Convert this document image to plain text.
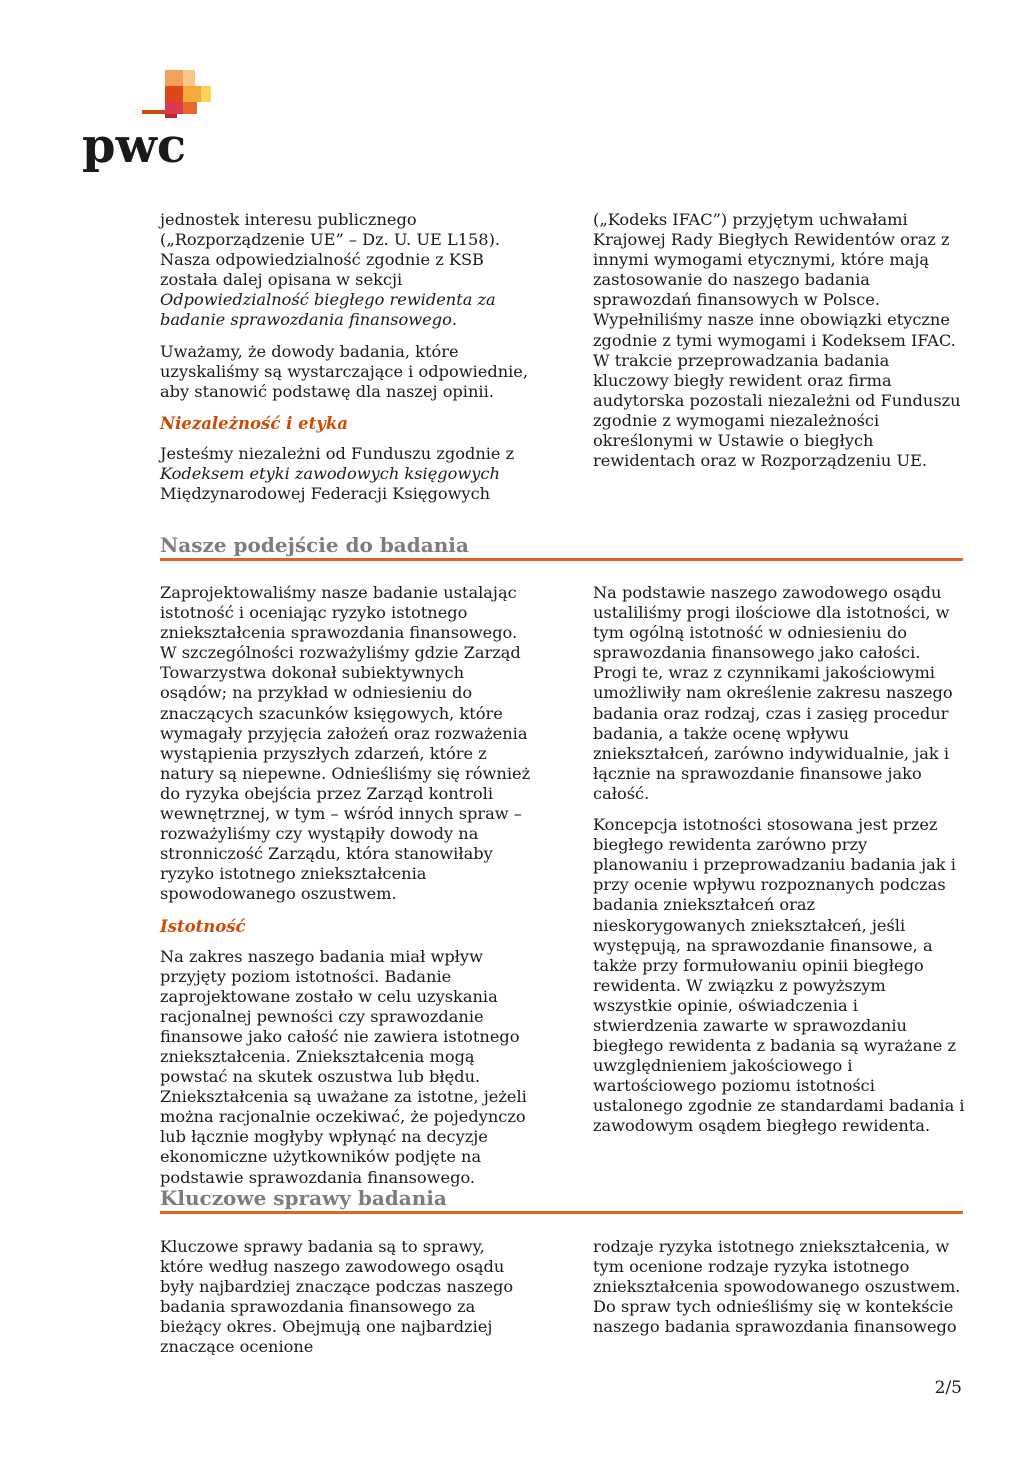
pwc

jednostek interesu publicznego („Rozporządzenie UE” – Dz. U. UE L158). Nasza odpowiedzialność zgodnie z KSB została dalej opisana w sekcji Odpowiedzialność biegłego rewidenta za badanie sprawozdania finansowego.

Uważamy, że dowody badania, które uzyskaliśmy są wystarczające i odpowiednie, aby stanowić podstawę dla naszej opinii.

Niezależność i etyka

Jesteśmy niezależni od Funduszu zgodnie z Kodeksem etyki zawodowych księgowych Międzynarodowej Federacji Księgowych

(„Kodeks IFAC”) przyjętym uchwałami Krajowej Rady Biegłych Rewidentów oraz z innymi wymogami etycznymi, które mają zastosowanie do naszego badania sprawozdań finansowych w Polsce. Wypełniliśmy nasze inne obowiązki etyczne zgodnie z tymi wymogami i Kodeksem IFAC. W trakcie przeprowadzania badania kluczowy biegły rewident oraz firma audytorska pozostali niezależni od Funduszu zgodnie z wymogami niezależności określonymi w Ustawie o biegłych rewidentach oraz w Rozporządzeniu UE.

Nasze podejście do badania

Zaprojektowaliśmy nasze badanie ustalając istotność i oceniając ryzyko istotnego zniekształcenia sprawozdania finansowego. W szczególności rozważyliśmy gdzie Zarząd Towarzystwa dokonał subiektywnych osądów; na przykład w odniesieniu do znaczących szacunków księgowych, które wymagały przyjęcia założeń oraz rozważenia wystąpienia przyszłych zdarzeń, które z natury są niepewne. Odnieśliśmy się również do ryzyka obejścia przez Zarząd kontroli wewnętrznej, w tym – wśród innych spraw – rozważyliśmy czy wystąpiły dowody na stronniczość Zarządu, która stanowiłaby ryzyko istotnego zniekształcenia spowodowanego oszustwem.

Istotność

Na zakres naszego badania miał wpływ przyjęty poziom istotności. Badanie zaprojektowane zostało w celu uzyskania racjonalnej pewności czy sprawozdanie finansowe jako całość nie zawiera istotnego zniekształcenia. Zniekształcenia mogą powstać na skutek oszustwa lub błędu. Zniekształcenia są uważane za istotne, jeżeli można racjonalnie oczekiwać, że pojedynczo lub łącznie mogłyby wpłynąć na decyzje ekonomiczne użytkowników podjęte na podstawie sprawozdania finansowego.

Na podstawie naszego zawodowego osądu ustaliliśmy progi ilościowe dla istotności, w tym ogólną istotność w odniesieniu do sprawozdania finansowego jako całości. Progi te, wraz z czynnikami jakościowymi umożliwiły nam określenie zakresu naszego badania oraz rodzaj, czas i zasięg procedur badania, a także ocenę wpływu zniekształceń, zarówno indywidualnie, jak i łącznie na sprawozdanie finansowe jako całość.

Koncepcja istotności stosowana jest przez biegłego rewidenta zarówno przy planowaniu i przeprowadzaniu badania jak i przy ocenie wpływu rozpoznanych podczas badania zniekształceń oraz nieskorygowanych zniekształceń, jeśli występują, na sprawozdanie finansowe, a także przy formułowaniu opinii biegłego rewidenta. W związku z powyższym wszystkie opinie, oświadczenia i stwierdzenia zawarte w sprawozdaniu biegłego rewidenta z badania są wyrażane z uwzględnieniem jakościowego i wartościowego poziomu istotności ustalonego zgodnie ze standardami badania i zawodowym osądem biegłego rewidenta.

Kluczowe sprawy badania

Kluczowe sprawy badania są to sprawy, które według naszego zawodowego osądu były najbardziej znaczące podczas naszego badania sprawozdania finansowego za bieżący okres. Obejmują one najbardziej znaczące ocenione

rodzaje ryzyka istotnego zniekształcenia, w tym ocenione rodzaje ryzyka istotnego zniekształcenia spowodowanego oszustwem. Do spraw tych odnieśliśmy się w kontekście naszego badania sprawozdania finansowego

2/5
